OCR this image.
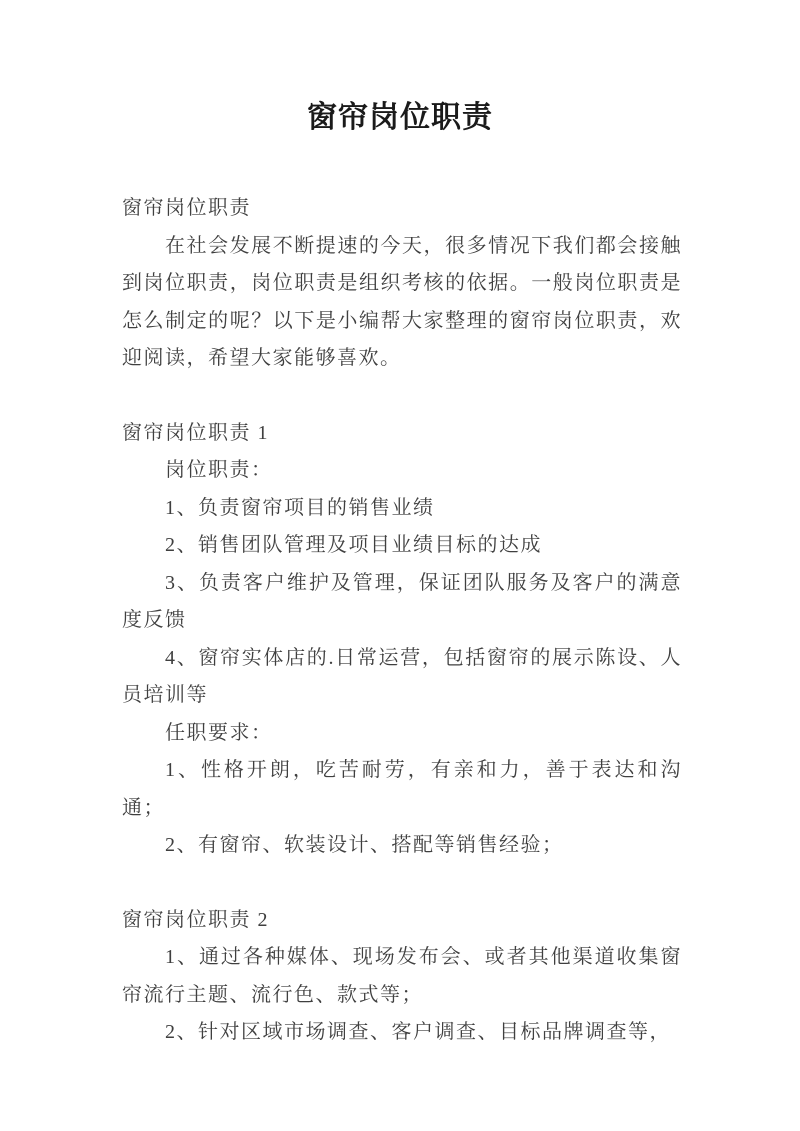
窗帘岗位职责

窗帘岗位职责

在社会发展不断提速的今天，很多情况下我们都会接触到岗位职责，岗位职责是组织考核的依据。一般岗位职责是怎么制定的呢？以下是小编帮大家整理的窗帘岗位职责，欢迎阅读，希望大家能够喜欢。

窗帘岗位职责 1

岗位职责：

1、负责窗帘项目的销售业绩

2、销售团队管理及项目业绩目标的达成

3、负责客户维护及管理，保证团队服务及客户的满意度反馈

4、窗帘实体店的.日常运营，包括窗帘的展示陈设、人员培训等

任职要求：

1、性格开朗，吃苦耐劳，有亲和力，善于表达和沟通；

2、有窗帘、软装设计、搭配等销售经验；

窗帘岗位职责 2

1、通过各种媒体、现场发布会、或者其他渠道收集窗帘流行主题、流行色、款式等；

2、针对区域市场调查、客户调查、目标品牌调查等，
